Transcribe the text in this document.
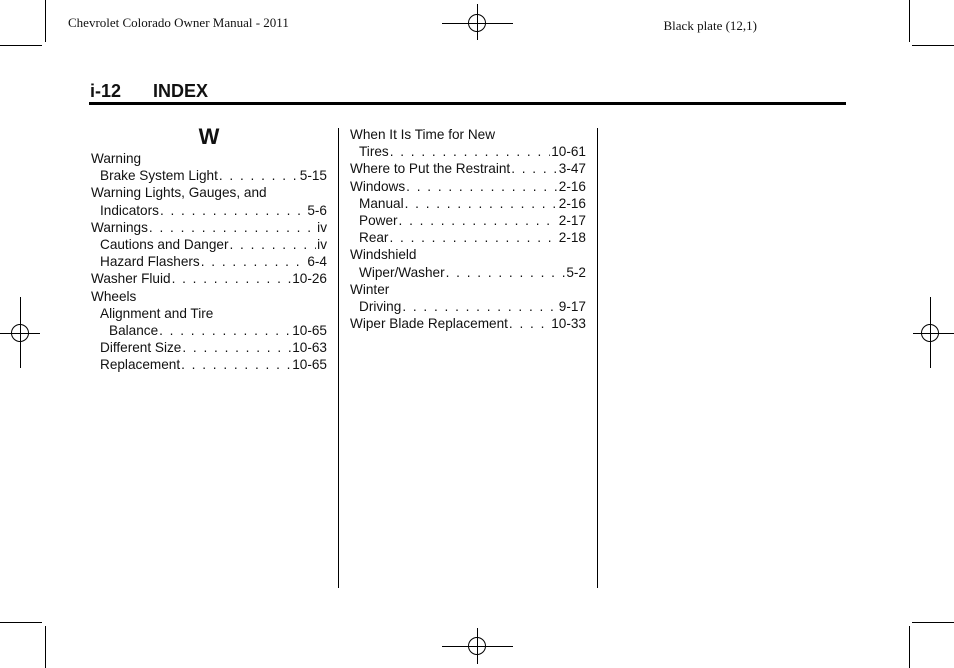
Chevrolet Colorado Owner Manual - 2011	Black plate (12,1)
i-12 INDEX
W
Warning
Brake System Light . . .	5-15
Warning Lights, Gauges, and
Indicators . . .	5-6
Warnings . . .	iv
Cautions and Danger . . .	iv
Hazard Flashers . . .	6-4
Washer Fluid . . .	10-26
Wheels
Alignment and Tire
Balance . . .	10-65
Different Size . . .	10-63
Replacement . . .	10-65
When It Is Time for New
Tires . . .	10-61
Where to Put the Restraint . . .	3-47
Windows . . .	2-16
Manual . . .	2-16
Power . . .	2-17
Rear . . .	2-18
Windshield
Wiper/Washer . . .	5-2
Winter
Driving . . .	9-17
Wiper Blade Replacement . . .	10-33
